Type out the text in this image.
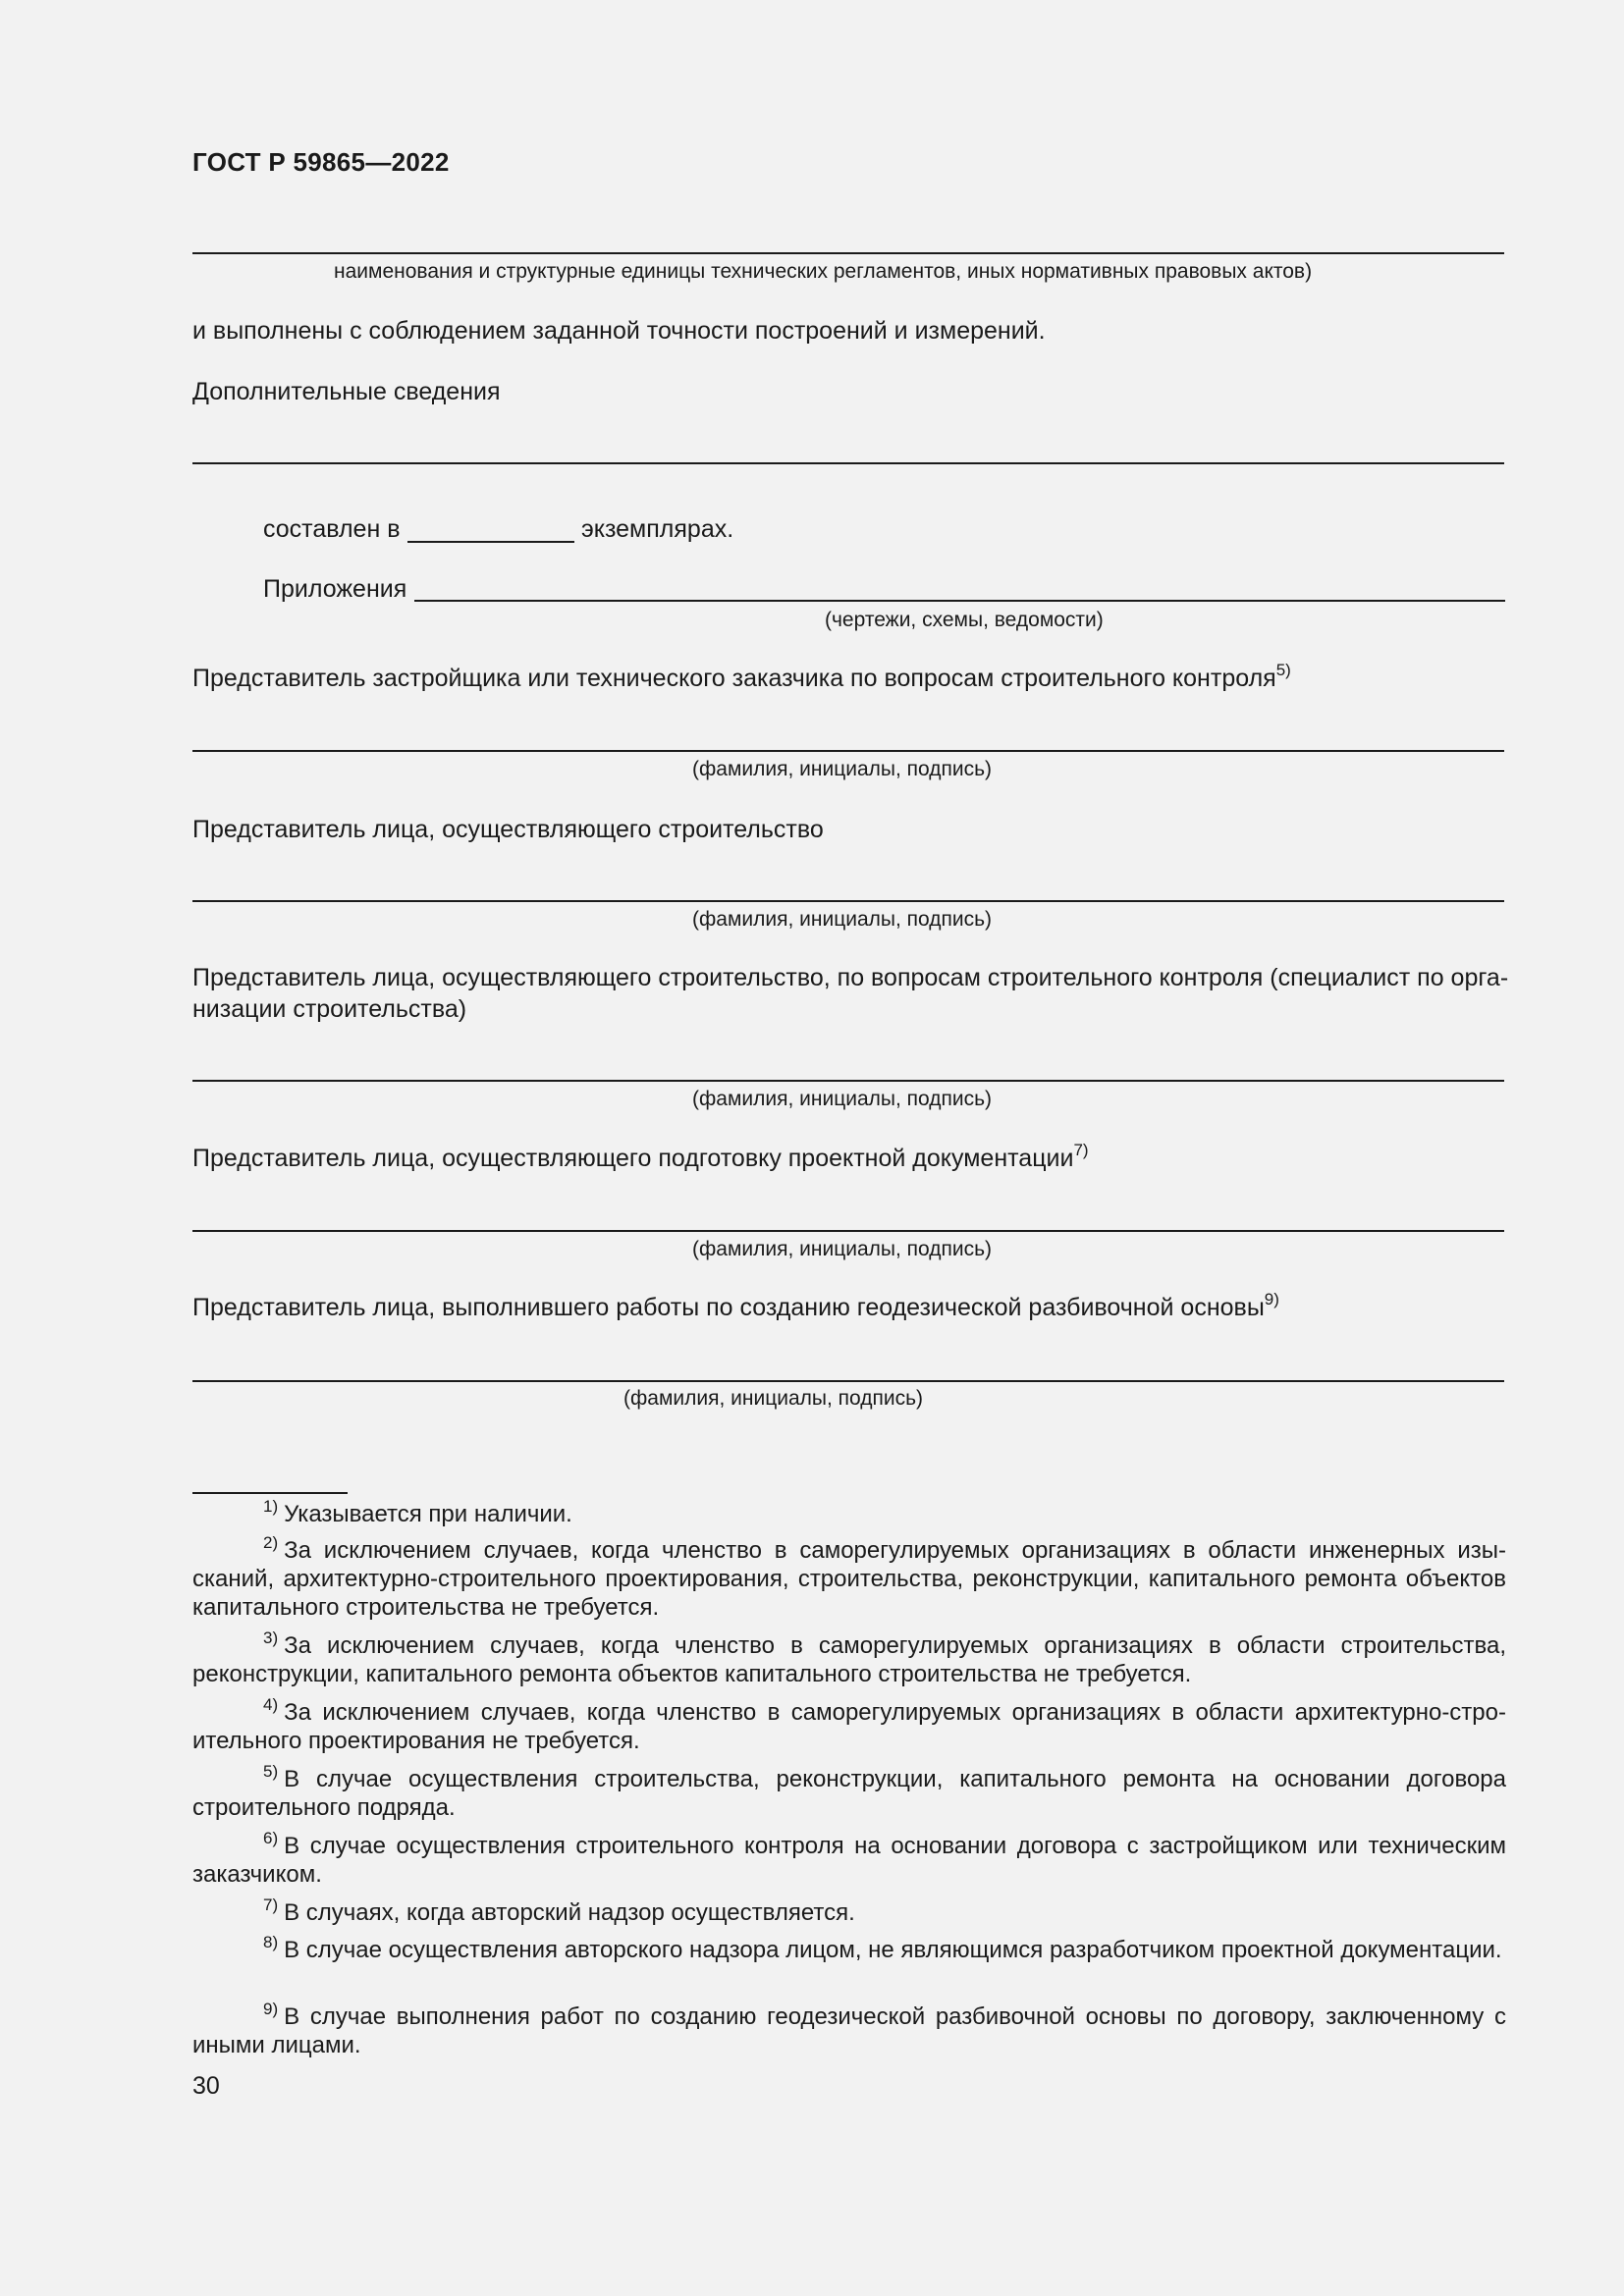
ГОСТ Р 59865—2022
наименования и структурные единицы технических регламентов, иных нормативных правовых актов)
и выполнены с соблюдением заданной точности построений и измерений.
Дополнительные сведения
составлен в	экземплярах.
Приложения
(чертежи, схемы, ведомости)
Представитель застройщика или технического заказчика по вопросам строительного контроля$^{5)}$
(фамилия, инициалы, подпись)
Представитель лица, осуществляющего строительство
(фамилия, инициалы, подпись)
Представитель лица, осуществляющего строительство, по вопросам строительного контроля (специалист по орга-
низации строительства)
(фамилия, инициалы, подпись)
Представитель лица, осуществляющего подготовку проектной документации$^{7)}$
(фамилия, инициалы, подпись)
Представитель лица, выполнившего работы по созданию геодезической разбивочной основы$^{9)}$
(фамилия, инициалы, подпись)
$^{1)}$ Указывается при наличии.
$^{2)}$ За исключением случаев, когда членство в саморегулируемых организациях в области инженерных изысканий, архитектурно-строительного проектирования, строительства, реконструкции, капитального ремонта объектов капитального строительства не требуется.
$^{3)}$ За исключением случаев, когда членство в саморегулируемых организациях в области строительства, реконструкции, капитального ремонта объектов капитального строительства не требуется.
$^{4)}$ За исключением случаев, когда членство в саморегулируемых организациях в области архитектурно-строительного проектирования не требуется.
$^{5)}$ В случае осуществления строительства, реконструкции, капитального ремонта на основании договора строительного подряда.
$^{6)}$ В случае осуществления строительного контроля на основании договора с застройщиком или техническим заказчиком.
$^{7)}$ В случаях, когда авторский надзор осуществляется.
$^{8)}$ В случае осуществления авторского надзора лицом, не являющимся разработчиком проектной документации.
$^{9)}$ В случае выполнения работ по созданию геодезической разбивочной основы по договору, заключенному с иными лицами.
30
